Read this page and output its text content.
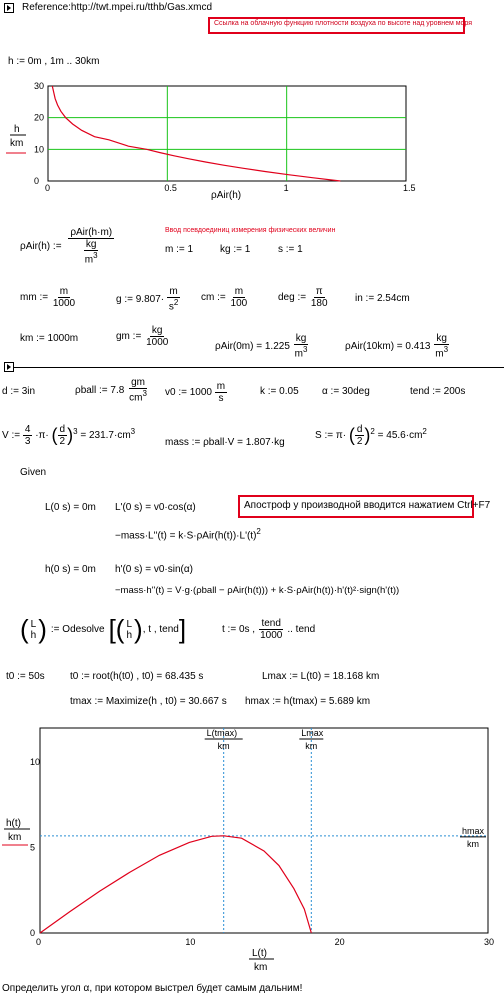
Reference:http://twt.mpei.ru/tthb/Gas.xmcd
Ссылка на облачную функцию плотности воздуха по высоте над уровнем моря
h := 0m , 1m .. 30km
0	0.5	1	1.5
0
10
20
30
h
km
ρAir(h)
ρAir(h) := ρAir(h·m)
kg
$m^3$	Ввод псевдоединиц измерения физических величин
m := 1	kg := 1	s := 1
mm := $\frac{m}{1000}$	g := $9.807\cdot \frac{m}{s^2}$ cm := $\frac{m}{100}$	deg := $\frac{\pi}{180}$	in := 2.54cm
km := 1000m	gm := $\frac{kg}{1000}$	$\rho Air(0m) = 1.225 \frac{kg}{m^3}$	$\rho Air(10km) = 0.413 \frac{kg}{m^3}$
d := 3in	ρball := $7.8 \frac{gm}{cm^3} v0$ := $1000 \frac{m}{s}$	k := 0.05 α := 30deg	tend := 200s
V := $\frac{4}{3} \cdot\pi\cdot$ ( $\frac{d}{2} )^3 = 231.7\cdot cm^3$
mass := ρball·V = 1.807·kg
S := π· ( $\frac{d}{2} )^2 = 45.6\cdot cm^2$
Given
L(0 s) = 0m L'(0 s) = v0·cos(α)	Апостроф у производной вводится нажатием Ctrl+F7
−mass·L''(t) = $k\cdot S\cdot\rho Air(h(t))\cdot L'(t)^2$
h(0 s) = 0m h'(0 s) = v0·sin(α)
−mass·h''(t) = V·g·(ρball − ρAir(h(t))) + k·S·ρAir(h(t))·h'(t)²·sign(h'(t))
( L
h ) := Odesolve [ ( L
h ) , t , tend ]	t := 0s , $\frac{\text{tend}}{1000}$ .. tend
t0 := 50s	t0 := root(h(t0) , t0) = 68.435 s	Lmax := L(t0) = 18.168 km
tmax := Maximize(h , t0) = 30.667 s hmax := h(tmax) = 5.689 km
0	10	20	30
0
5
10
h(t)
km
L(t)
km
L(tmax)
km
Lmax
km
hmax
km
Определить угол α, при котором выстрел будет самым дальним!
